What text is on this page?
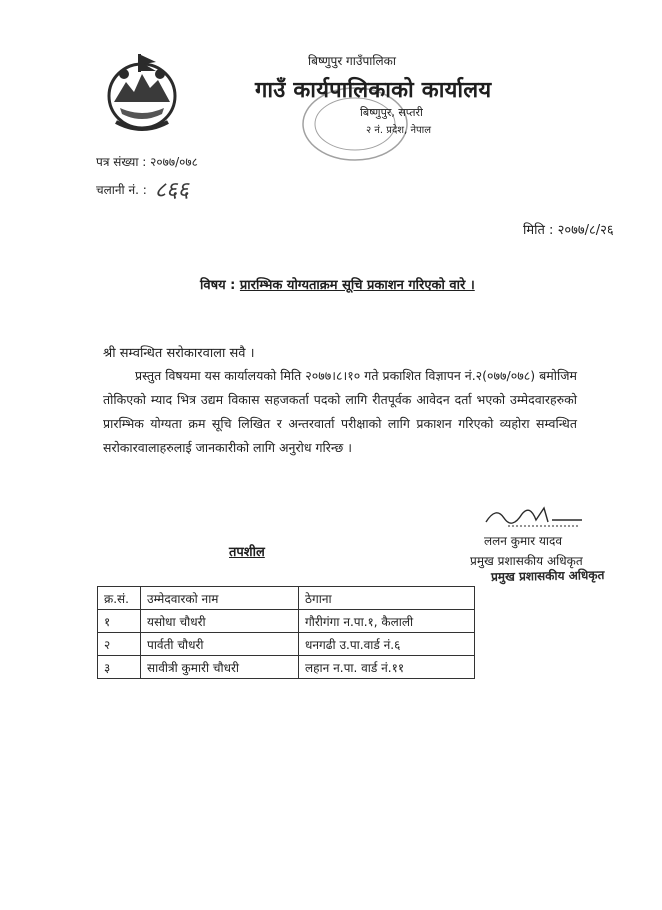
बिष्णुपुर गाउँपालिका
गाउँ कार्यपालिकाको कार्यालय
बिष्णुपुर, सप्तरी
२ नं. प्रदेश, नेपाल
पत्र संख्या : २०७७/०७८
चलानी नं. : ८६६
मिति : २०७७/८/२६
विषय : प्रारम्भिक योग्यताक्रम सूचि प्रकाशन गरिएको वारे ।
श्री सम्वन्धित सरोकारवाला सवै ।
प्रस्तुत विषयमा यस कार्यालयको मिति २०७७।८।१० गते प्रकाशित विज्ञापन नं.२(०७७/०७८) बमोजिम तोकिएको म्याद भित्र उद्यम विकास सहजकर्ता पदको लागि रीतपूर्वक आवेदन दर्ता भएको उम्मेदवारहरुको प्रारम्भिक योग्यता क्रम सूचि लिखित र अन्तरवार्ता परीक्षाको लागि प्रकाशन गरिएको व्यहोरा सम्वन्धित सरोकारवालाहरुलाई जानकारीको लागि अनुरोध गरिन्छ ।
ललन कुमार यादव
प्रमुख प्रशासकीय अधिकृत
प्रमुख प्रशासकीय अधिकृत
तपशील
क्र.सं.	उम्मेदवारको नाम	ठेगाना
१	यसोधा चौधरी	गौरीगंगा न.पा.१, कैलाली
२	पार्वती चौधरी	धनगढी उ.पा.वार्ड नं.६
३	सावीत्री कुमारी चौधरी	लहान न.पा. वार्ड नं.११
